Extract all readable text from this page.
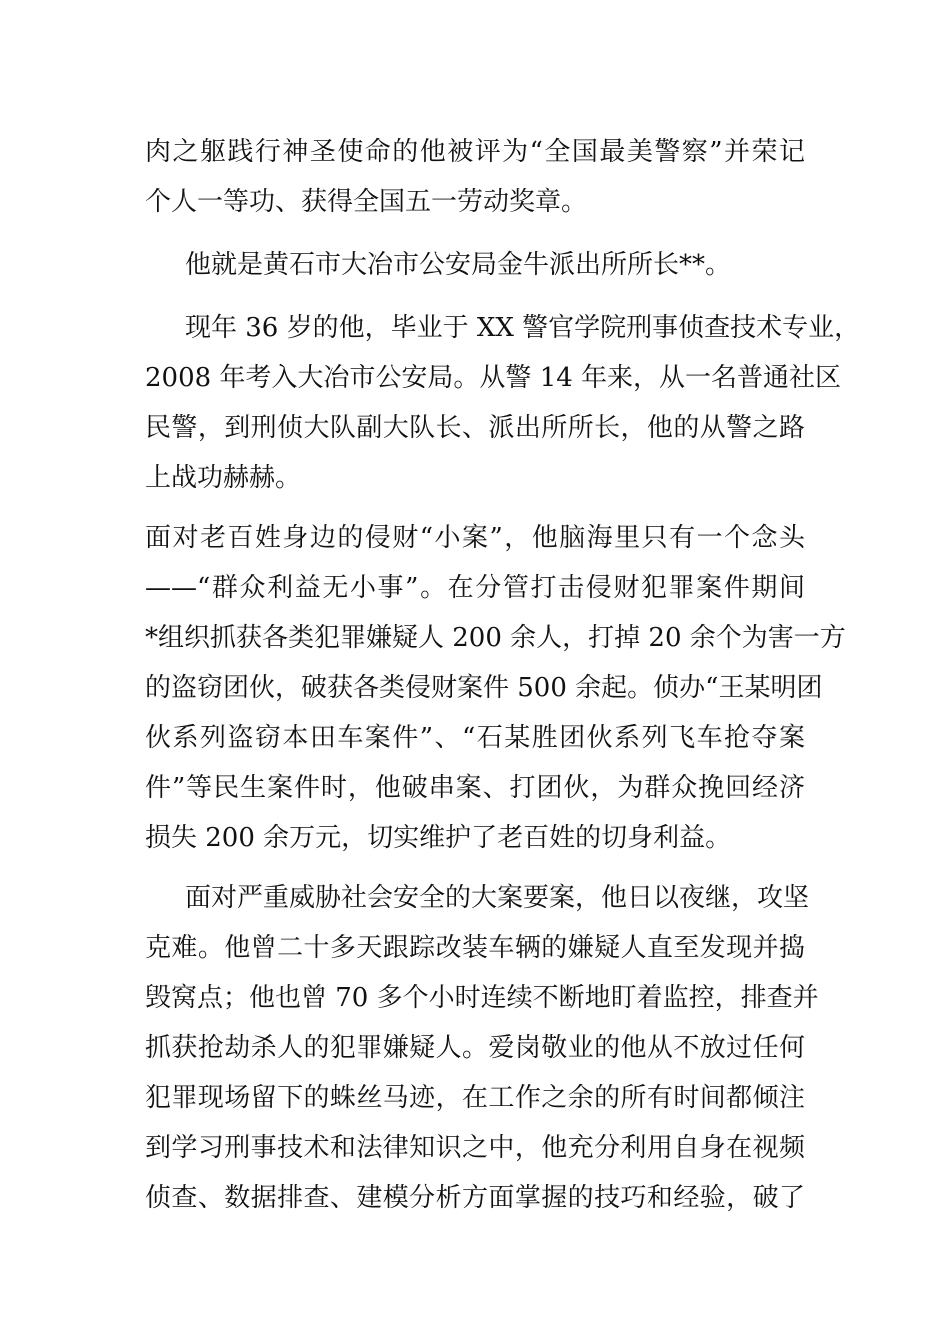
肉之躯践行神圣使命的他被评为“全国最美警察”并荣记
个人一等功、获得全国五一劳动奖章。
他就是黄石市大冶市公安局金牛派出所所长**。
现年 36 岁的他，毕业于 XX 警官学院刑事侦查技术专业，
2008 年考入大冶市公安局。从警 14 年来，从一名普通社区
民警，到刑侦大队副大队长、派出所所长，他的从警之路
上战功赫赫。
面对老百姓身边的侵财“小案”，他脑海里只有一个念头
——“群众利益无小事”。在分管打击侵财犯罪案件期间
*组织抓获各类犯罪嫌疑人 200 余人，打掉 20 余个为害一方
的盗窃团伙，破获各类侵财案件 500 余起。侦办“王某明团
伙系列盗窃本田车案件”、“石某胜团伙系列飞车抢夺案
件”等民生案件时，他破串案、打团伙，为群众挽回经济
损失 200 余万元，切实维护了老百姓的切身利益。
面对严重威胁社会安全的大案要案，他日以夜继，攻坚
克难。他曾二十多天跟踪改装车辆的嫌疑人直至发现并捣
毁窝点；他也曾 70 多个小时连续不断地盯着监控，排查并
抓获抢劫杀人的犯罪嫌疑人。爱岗敬业的他从不放过任何
犯罪现场留下的蛛丝马迹，在工作之余的所有时间都倾注
到学习刑事技术和法律知识之中，他充分利用自身在视频
侦查、数据排查、建模分析方面掌握的技巧和经验，破了
